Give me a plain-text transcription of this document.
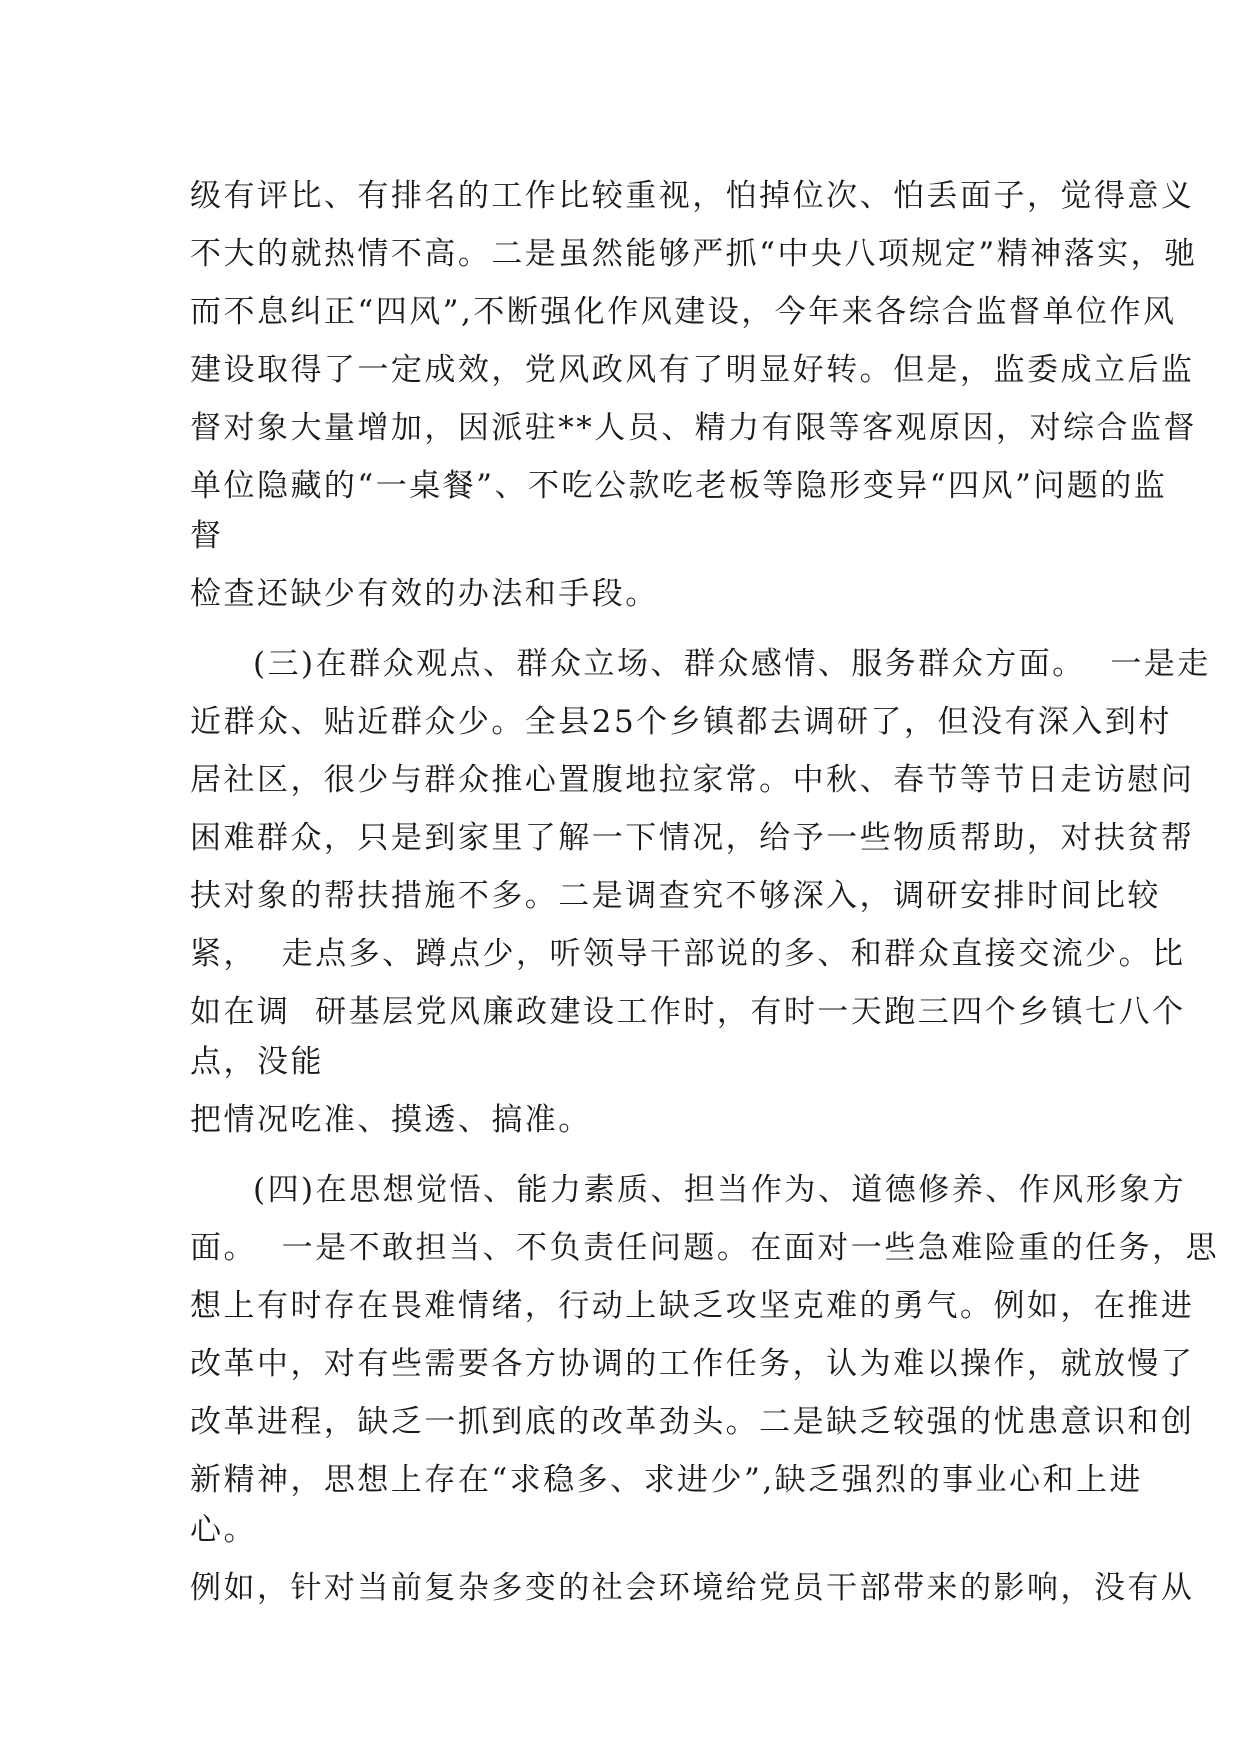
级有评比、有排名的工作比较重视，怕掉位次、怕丢面子，觉得意义
不大的就热情不高。二是虽然能够严抓“中央八项规定”精神落实，驰
而不息纠正“四风”,不断强化作风建设，今年来各综合监督单位作风
建设取得了一定成效，党风政风有了明显好转。但是，监委成立后监
督对象大量增加，因派驻**人员、精力有限等客观原因，对综合监督
单位隐藏的“一桌餐”、不吃公款吃老板等隐形变异“四风”问题的监
督
检查还缺少有效的办法和手段。
(三)在群众观点、群众立场、群众感情、服务群众方面。  一是走
近群众、贴近群众少。全县25个乡镇都去调研了，但没有深入到村
居社区，很少与群众推心置腹地拉家常。中秋、春节等节日走访慰问
困难群众，只是到家里了解一下情况，给予一些物质帮助，对扶贫帮
扶对象的帮扶措施不多。二是调查究不够深入，调研安排时间比较
紧，  走点多、蹲点少，听领导干部说的多、和群众直接交流少。比
如在调  研基层党风廉政建设工作时，有时一天跑三四个乡镇七八个
点，没能
把情况吃准、摸透、搞准。
(四)在思想觉悟、能力素质、担当作为、道德修养、作风形象方
面。  一是不敢担当、不负责任问题。在面对一些急难险重的任务，思
想上有时存在畏难情绪，行动上缺乏攻坚克难的勇气。例如，在推进
改革中，对有些需要各方协调的工作任务，认为难以操作，就放慢了
改革进程，缺乏一抓到底的改革劲头。二是缺乏较强的忧患意识和创
新精神，思想上存在“求稳多、求进少”,缺乏强烈的事业心和上进
心。
例如，针对当前复杂多变的社会环境给党员干部带来的影响，没有从
